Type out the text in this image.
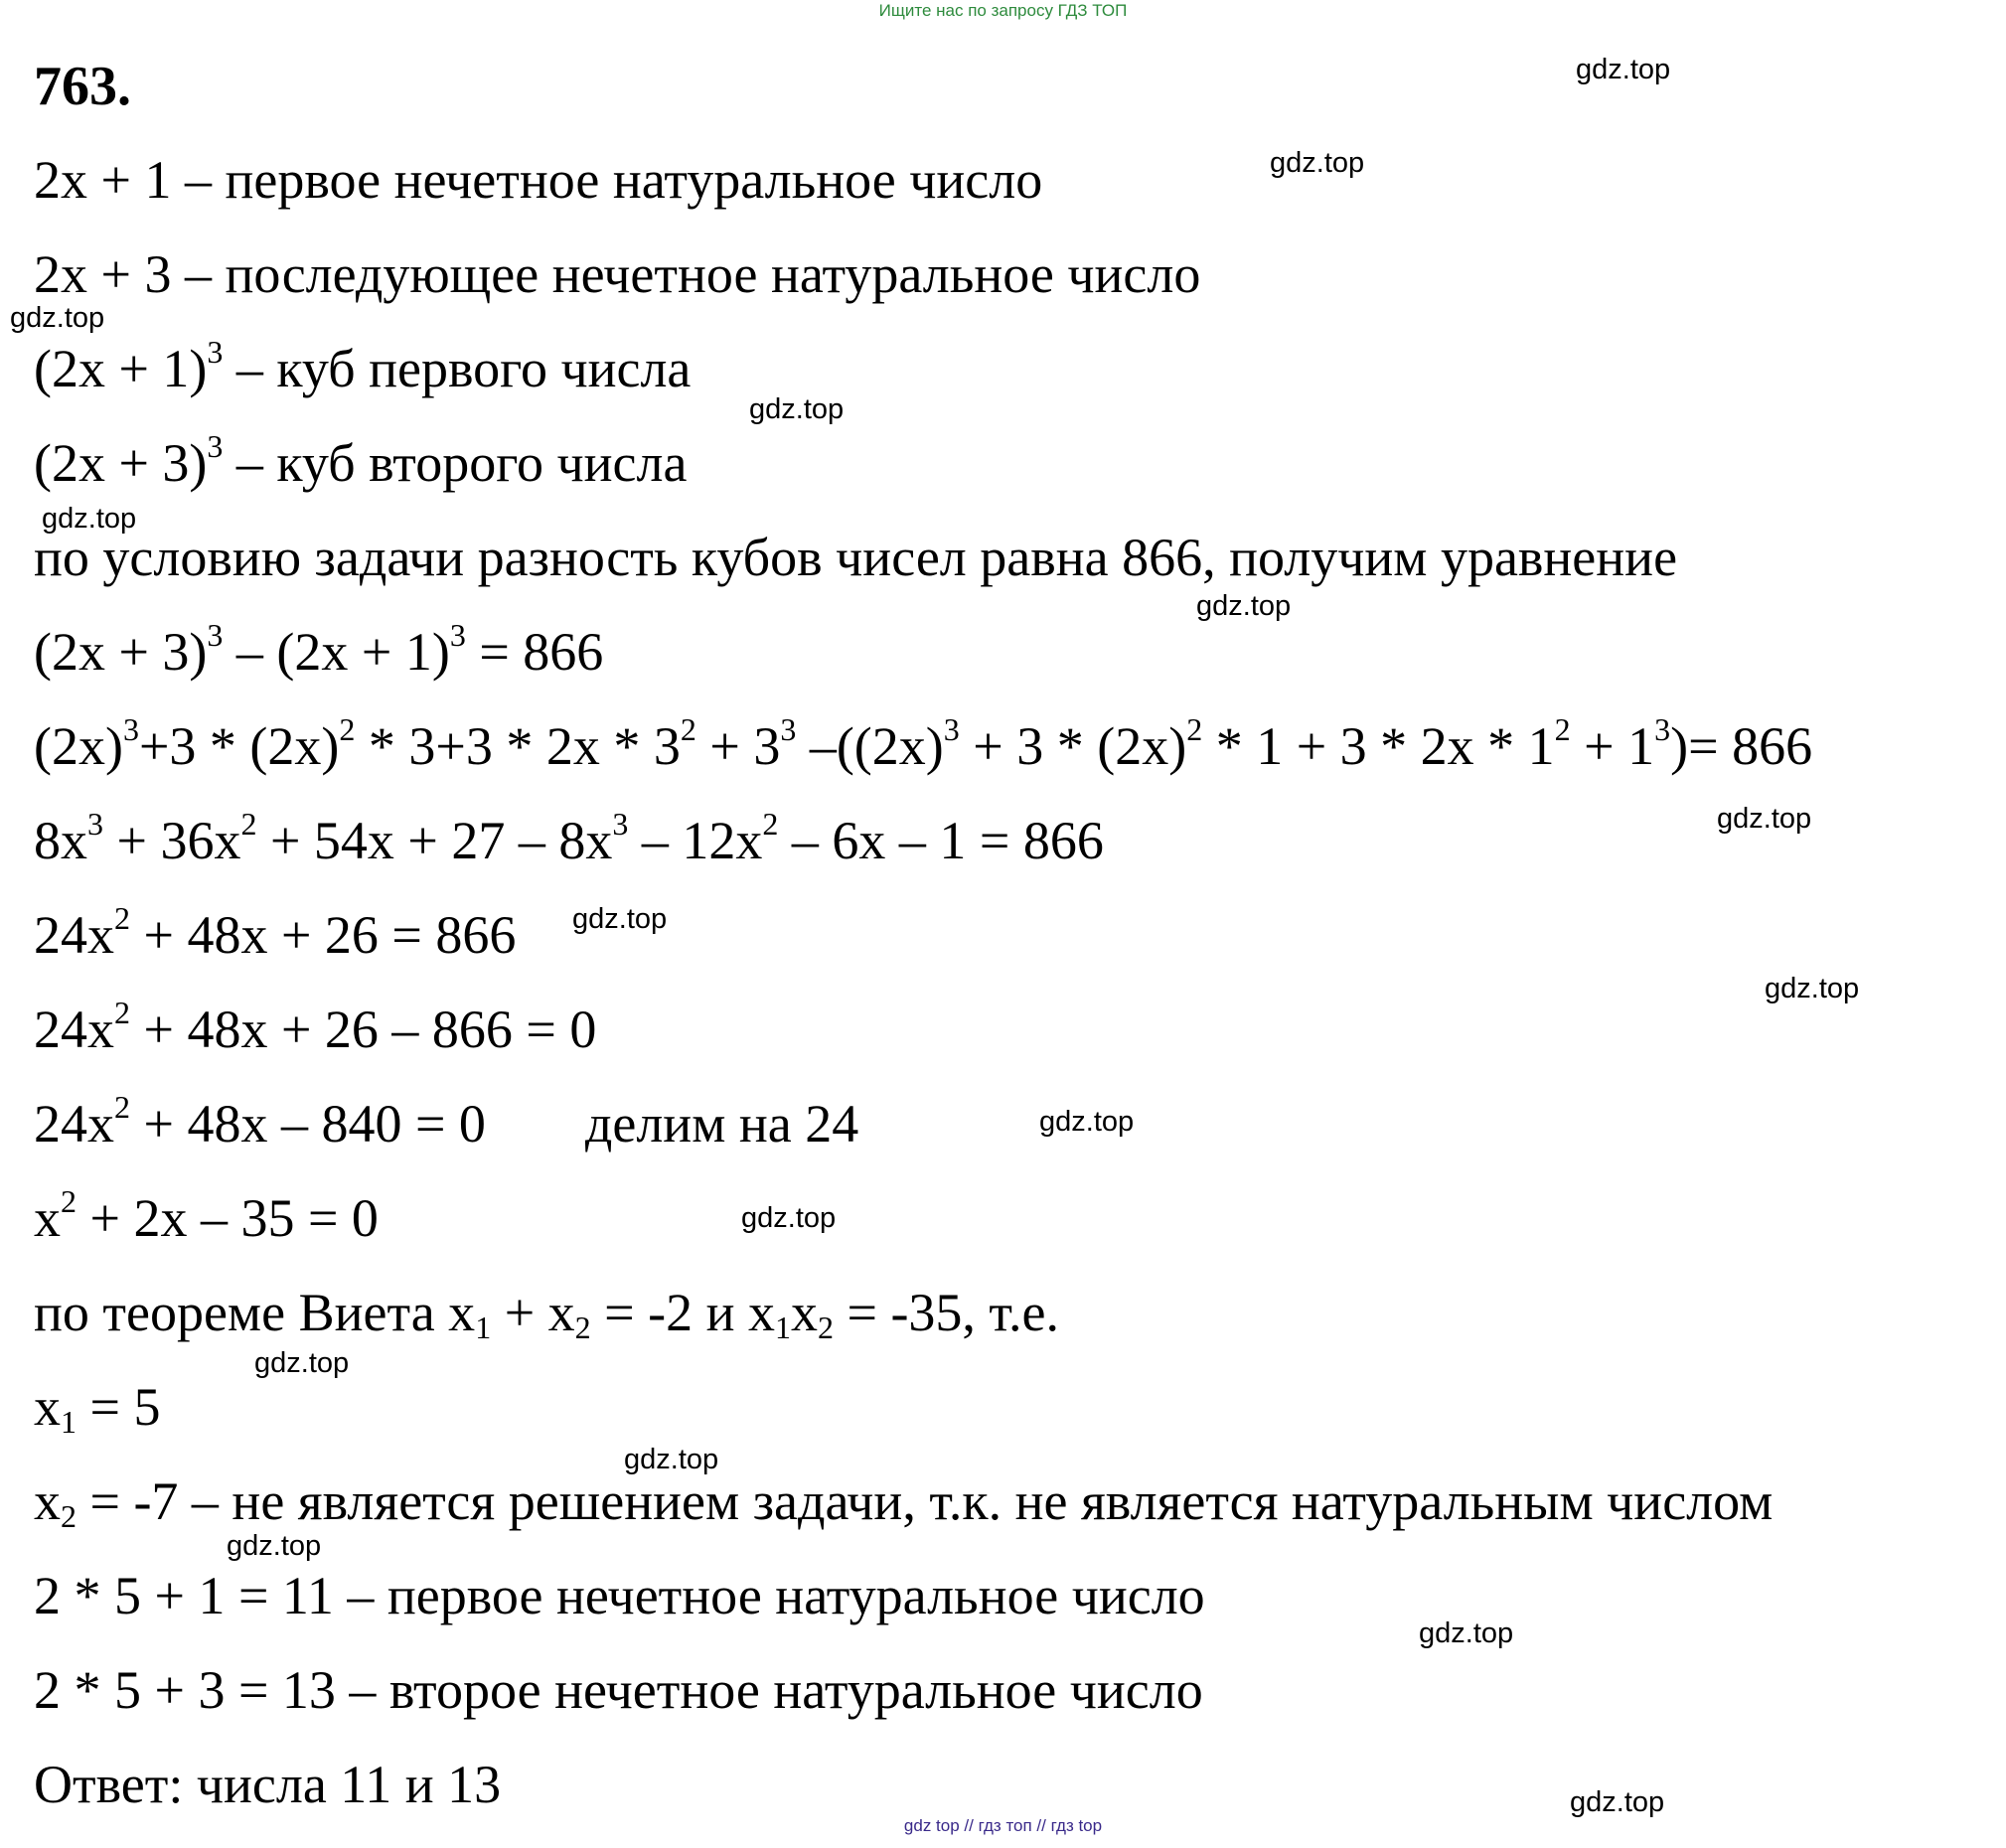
Ищите нас по запросу ГДЗ ТОП
763.
2x + 1 – первое нечетное натуральное число
2x + 3 – последующее нечетное натуральное число
$(2x + 1)^3$ – куб первого числа
$(2x + 3)^3$ – куб второго числа
по условию задачи разность кубов чисел равна 866, получим уравнение
$(2x + 3)^3 - (2x + 1)^3 = 866$
$(2x)^3+3 * (2x)^2 * 3+3 * 2x * 3^2 + 3^3$ $-((2x)^3 + 3 * (2x)^2 * 1 + 3 * 2x * 1^2 + 1^3)= 866$
$8x^3 + 36x^2 + 54x + 27 - 8x^3 - 12x^2 - 6x - 1 = 866$
$24x^2 + 48x + 26 = 866$
$24x^2 + 48x + 26 - 866 = 0$
$24x^2 + 48x - 840 = 0$ делим на 24
$x^2 + 2x - 35 = 0$
по теореме Виета $x_1 + x_2 = -2$ и $x_1x_2 = -35$, т.е.
$x_1 = 5$
$x_2 = -7$ – не является решением задачи, т.к. не является натуральным числом
2 * 5 + 1 = 11 – первое нечетное натуральное число
2 * 5 + 3 = 13 – второе нечетное натуральное число
Ответ: числа 11 и 13
gdz.top
gdz.top
gdz.top
gdz.top
gdz.top
gdz.top
gdz.top
gdz.top
gdz.top
gdz.top
gdz.top
gdz.top
gdz.top
gdz.top
gdz.top
gdz.top
gdz top // гдз топ // гдз top
